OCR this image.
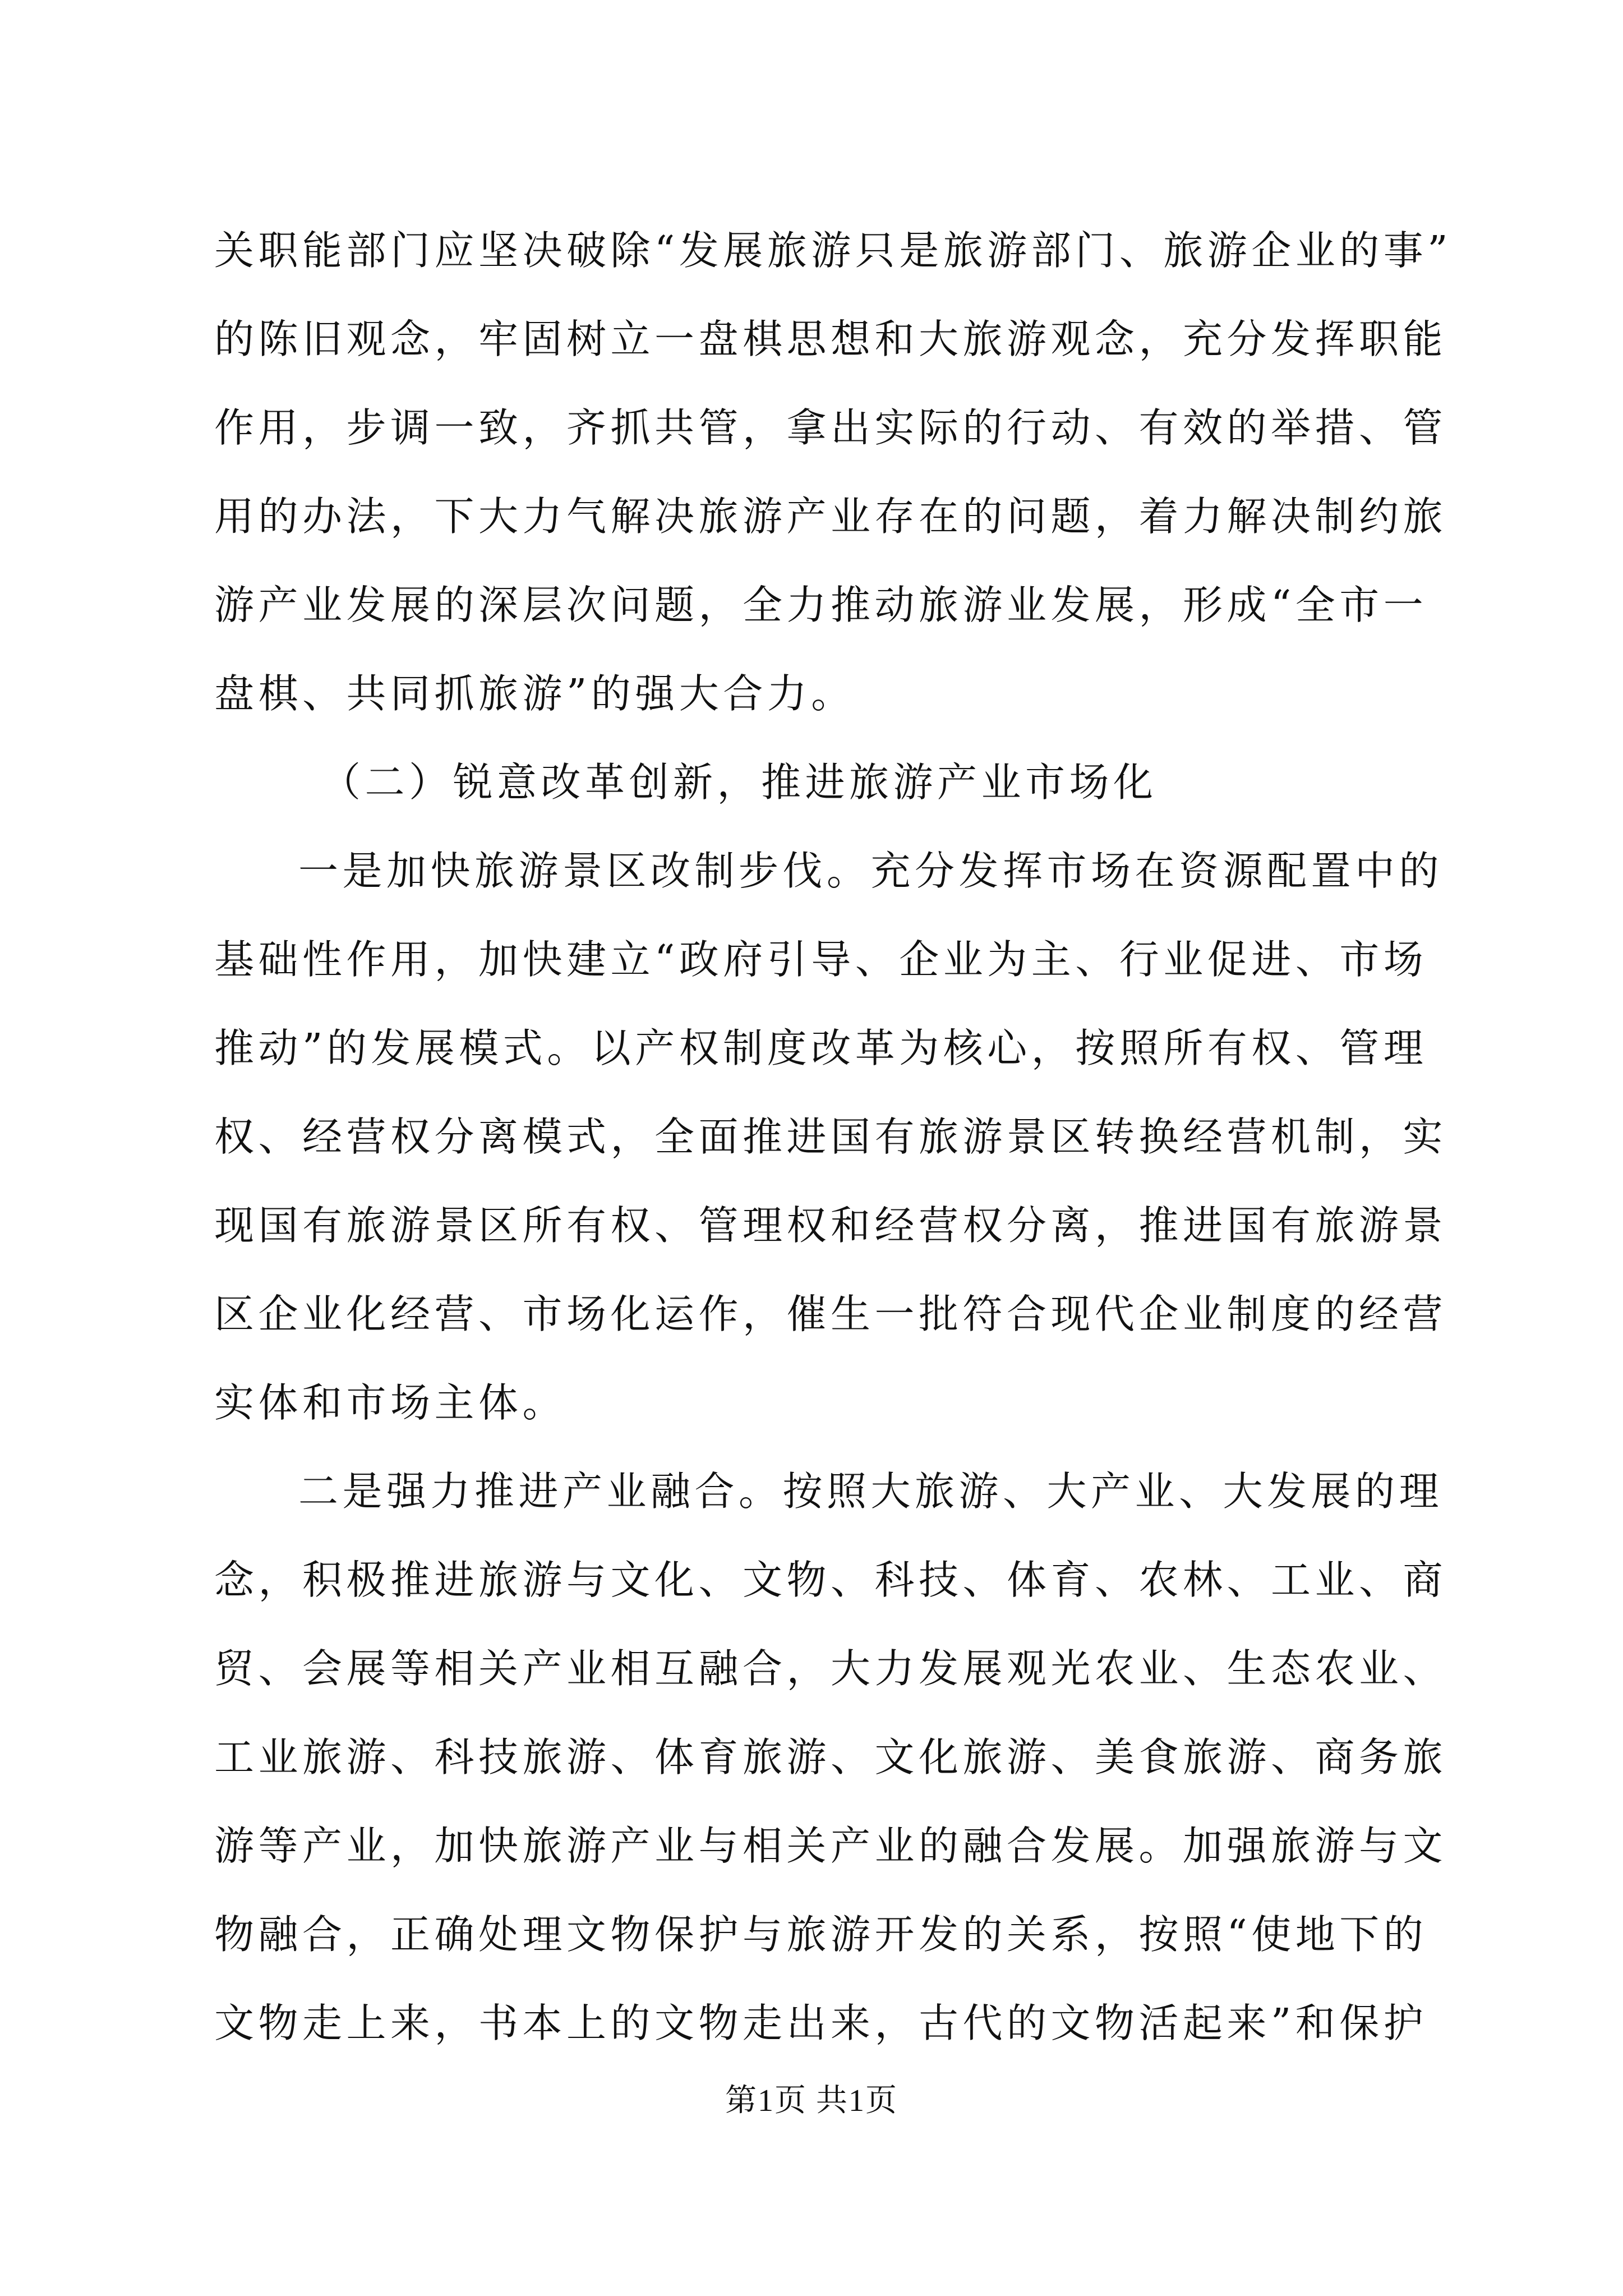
关职能部门应坚决破除“发展旅游只是旅游部门、旅游企业的事”
的陈旧观念，牢固树立一盘棋思想和大旅游观念，充分发挥职能
作用，步调一致，齐抓共管，拿出实际的行动、有效的举措、管
用的办法，下大力气解决旅游产业存在的问题，着力解决制约旅
游产业发展的深层次问题，全力推动旅游业发展，形成“全市一
盘棋、共同抓旅游”的强大合力。
（二）锐意改革创新，推进旅游产业市场化
一是加快旅游景区改制步伐。充分发挥市场在资源配置中的
基础性作用，加快建立“政府引导、企业为主、行业促进、市场
推动”的发展模式。以产权制度改革为核心，按照所有权、管理
权、经营权分离模式，全面推进国有旅游景区转换经营机制，实
现国有旅游景区所有权、管理权和经营权分离，推进国有旅游景
区企业化经营、市场化运作，催生一批符合现代企业制度的经营
实体和市场主体。
二是强力推进产业融合。按照大旅游、大产业、大发展的理
念，积极推进旅游与文化、文物、科技、体育、农林、工业、商
贸、会展等相关产业相互融合，大力发展观光农业、生态农业、
工业旅游、科技旅游、体育旅游、文化旅游、美食旅游、商务旅
游等产业，加快旅游产业与相关产业的融合发展。加强旅游与文
物融合，正确处理文物保护与旅游开发的关系，按照“使地下的
文物走上来，书本上的文物走出来，古代的文物活起来”和保护
第1页 共1页
